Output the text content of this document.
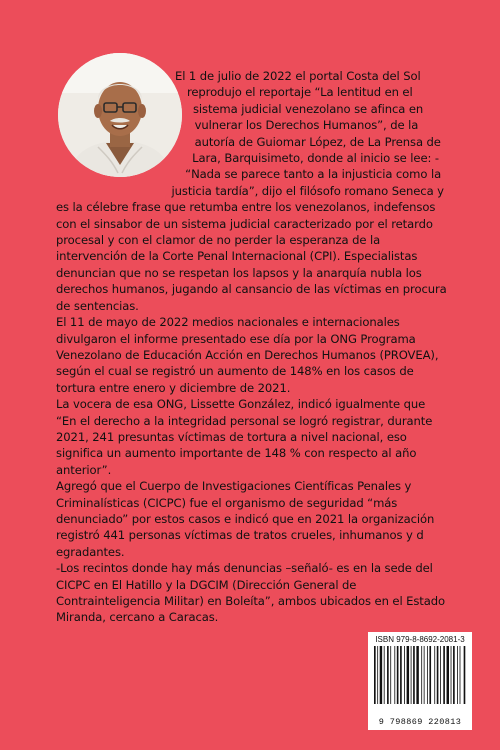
El 1 de julio de 2022 el portal Costa del Sol reprodujo el reportaje “La lentitud en el sistema judicial venezolano se afinca en vulnerar los Derechos Humanos”, de la autoría de Guiomar López, de La Prensa de Lara, Barquisimeto, donde al inicio se lee: - “Nada se parece tanto a la injusticia como la justicia tardía”, dijo el filósofo romano Seneca y es la célebre frase que retumba entre los venezolanos, indefensos con el sinsabor de un sistema judicial caracterizado por el retardo procesal y con el clamor de no perder la esperanza de la intervención de la Corte Penal Internacional (CPI). Especialistas denuncian que no se respetan los lapsos y la anarquía nubla los derechos humanos, jugando al cansancio de las víctimas en procura de sentencias.

El 11 de mayo de 2022 medios nacionales e internacionales divulgaron el informe presentado ese día por la ONG Programa Venezolano de Educación Acción en Derechos Humanos (PROVEA), según el cual se registró un aumento de 148% en los casos de tortura entre enero y diciembre de 2021.

La vocera de esa ONG, Lissette González, indicó igualmente que “En el derecho a la integridad personal se logró registrar, durante 2021, 241 presuntas víctimas de tortura a nivel nacional, eso significa un aumento importante de 148 % con respecto al año anterior”.

Agregó que el Cuerpo de Investigaciones Científicas Penales y Criminalísticas (CICPC) fue el organismo de seguridad “más denunciado” por estos casos e indicó que en 2021 la organización registró 441 personas víctimas de tratos crueles, inhumanos y d egradantes.

-Los recintos donde hay más denuncias –señaló- es en la sede del CICPC en El Hatillo y la DGCIM (Dirección General de Contrainteligencia Militar) en Boleíta”, ambos ubicados en el Estado Miranda, cercano a Caracas.

ISBN 979-8-8692-2081-3
9 798869 220813
